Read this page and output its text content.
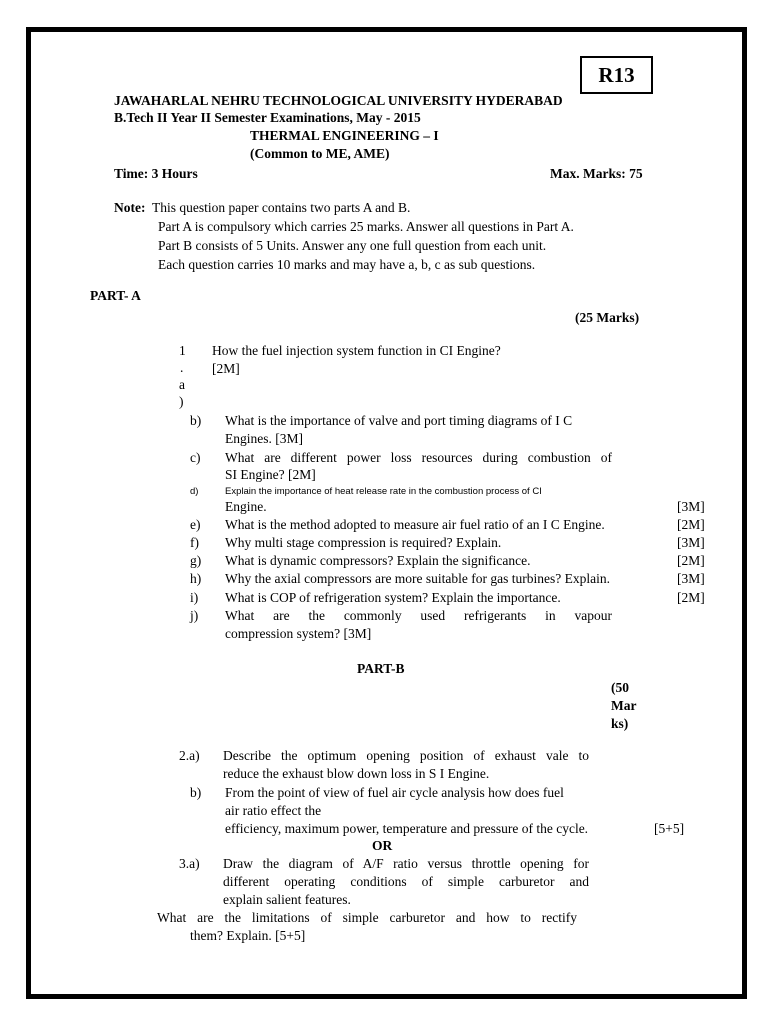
R13
JAWAHARLAL NEHRU TECHNOLOGICAL UNIVERSITY HYDERABAD
B.Tech II Year II Semester Examinations, May - 2015
THERMAL ENGINEERING – I
(Common to ME, AME)
Time: 3 Hours	Max. Marks: 75
Note: This question paper contains two parts A and B.
Part A is compulsory which carries 25 marks. Answer all questions in Part A.
Part B consists of 5 Units. Answer any one full question from each unit.
Each question carries 10 marks and may have a, b, c as sub questions.
PART- A
(25 Marks)
1
.
a
)
How the fuel injection system function in CI Engine?
[2M]
b) What is the importance of valve and port timing diagrams of I C
Engines. [3M]
c) What are different power loss resources during combustion of
SI Engine? [2M]
d)	Explain the importance of heat release rate in the combustion process of CI
Engine.	[3M]
e) What is the method adopted to measure air fuel ratio of an I C Engine.	[2M]
f) Why multi stage compression is required? Explain.	[3M]
g) What is dynamic compressors? Explain the significance.	[2M]
h) Why the axial compressors are more suitable for gas turbines? Explain.	[3M]
i) What is COP of refrigeration system? Explain the importance.	[2M]
j) What are the commonly used refrigerants in vapour
compression system? [3M]
PART-B
(50
Mar
ks)
2.a) Describe the optimum opening position of exhaust vale to
reduce the exhaust blow down loss in S I Engine.
b) From the point of view of fuel air cycle analysis how does fuel
air ratio effect the
efficiency, maximum power, temperature and pressure of the cycle.	[5+5]
OR
3.a) Draw the diagram of A/F ratio versus throttle opening for
different operating conditions of simple carburetor and
explain salient features.
What are the limitations of simple carburetor and how to rectify
them? Explain. [5+5]
